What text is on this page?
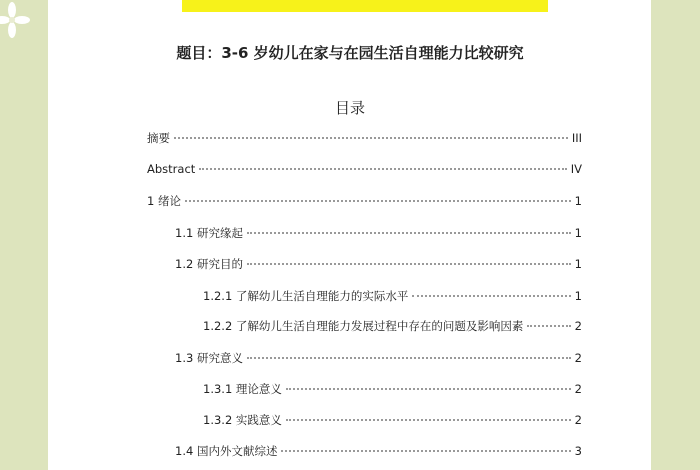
题目：3-6 岁幼儿在家与在园生活自理能力比较研究
目录
摘要	III
Abstract	IV
1 绪论	1
1.1 研究缘起	1
1.2 研究目的	1
1.2.1 了解幼儿生活自理能力的实际水平	1
1.2.2 了解幼儿生活自理能力发展过程中存在的问题及影响因素	2
1.3 研究意义	2
1.3.1 理论意义	2
1.3.2 实践意义	2
1.4 国内外文献综述	3
